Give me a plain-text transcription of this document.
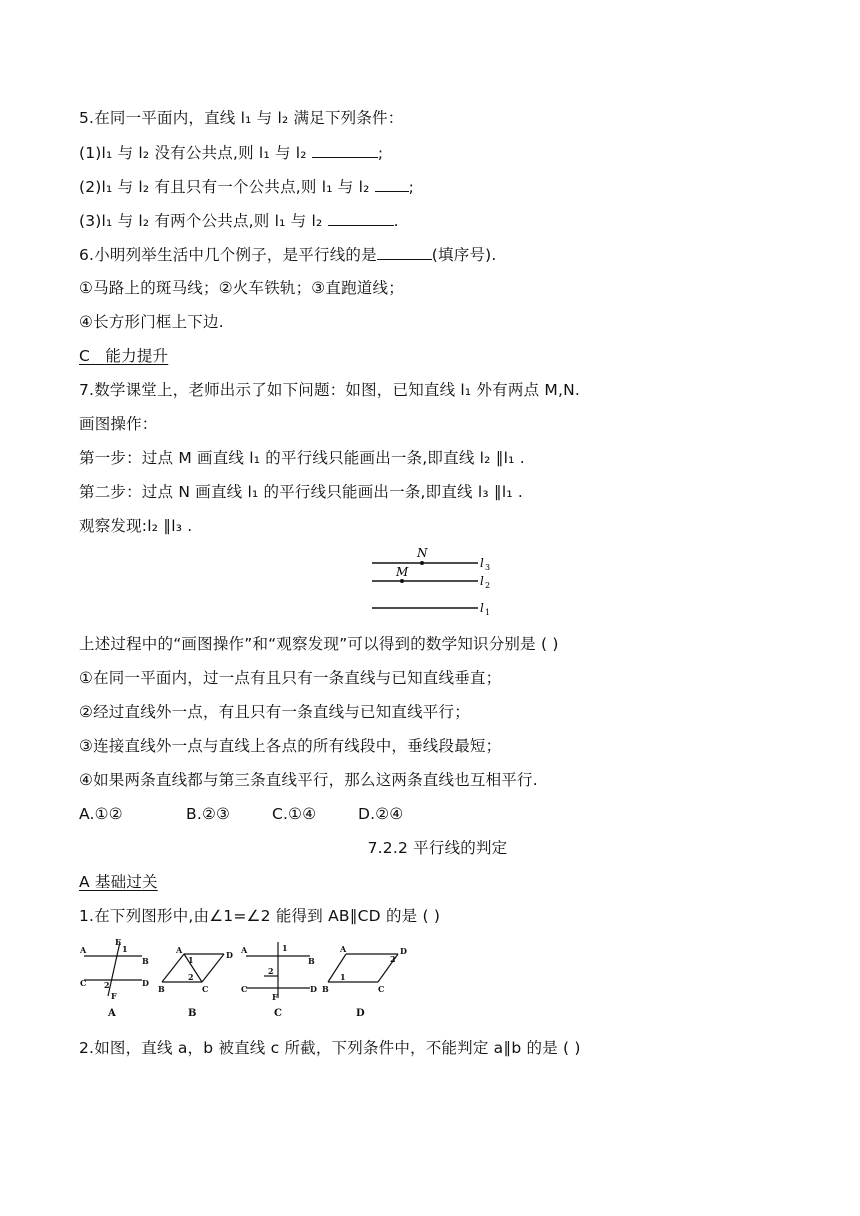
5.在同一平面内，直线 l₁ 与 l₂ 满足下列条件：
(1)l₁ 与 l₂ 没有公共点,则 l₁ 与 l₂	;
(2)l₁ 与 l₂ 有且只有一个公共点,则 l₁ 与 l₂ ;
(3)l₁ 与 l₂ 有两个公共点,则 l₁ 与 l₂	.
6.小明列举生活中几个例子，是平行线的是	(填序号).
①马路上的斑马线；②火车铁轨；③直跑道线；
④长方形门框上下边.
C 能力提升
7.数学课堂上，老师出示了如下问题：如图，已知直线 l₁ 外有两点 M,N.
画图操作：
第一步：过点 M 画直线 l₁ 的平行线只能画出一条,即直线 l₂ ∥l₁ .
第二步：过点 N 画直线 l₁ 的平行线只能画出一条,即直线 l₃ ∥l₁ .
观察发现:l₂ ∥l₃ .
N
M
l 3
l 2
l 1
上述过程中的“画图操作”和“观察发现”可以得到的数学知识分别是 ( )
①在同一平面内，过一点有且只有一条直线与已知直线垂直；
②经过直线外一点，有且只有一条直线与已知直线平行；
③连接直线外一点与直线上各点的所有线段中，垂线段最短；
④如果两条直线都与第三条直线平行，那么这两条直线也互相平行.
A.①②	B.②③	C.①④	D.②④
7.2.2 平行线的判定
A 基础过关
1.在下列图形中,由∠1=∠2 能得到 AB∥CD 的是 ( )
A
E
1
B
C 2	D
F
A
A
1	D
2
B	C
B
A	1
B
C
2
D
F
C
A
2
D
1
B	C
D
2.如图，直线 a，b 被直线 c 所截，下列条件中，不能判定 a∥b 的是 ( )
